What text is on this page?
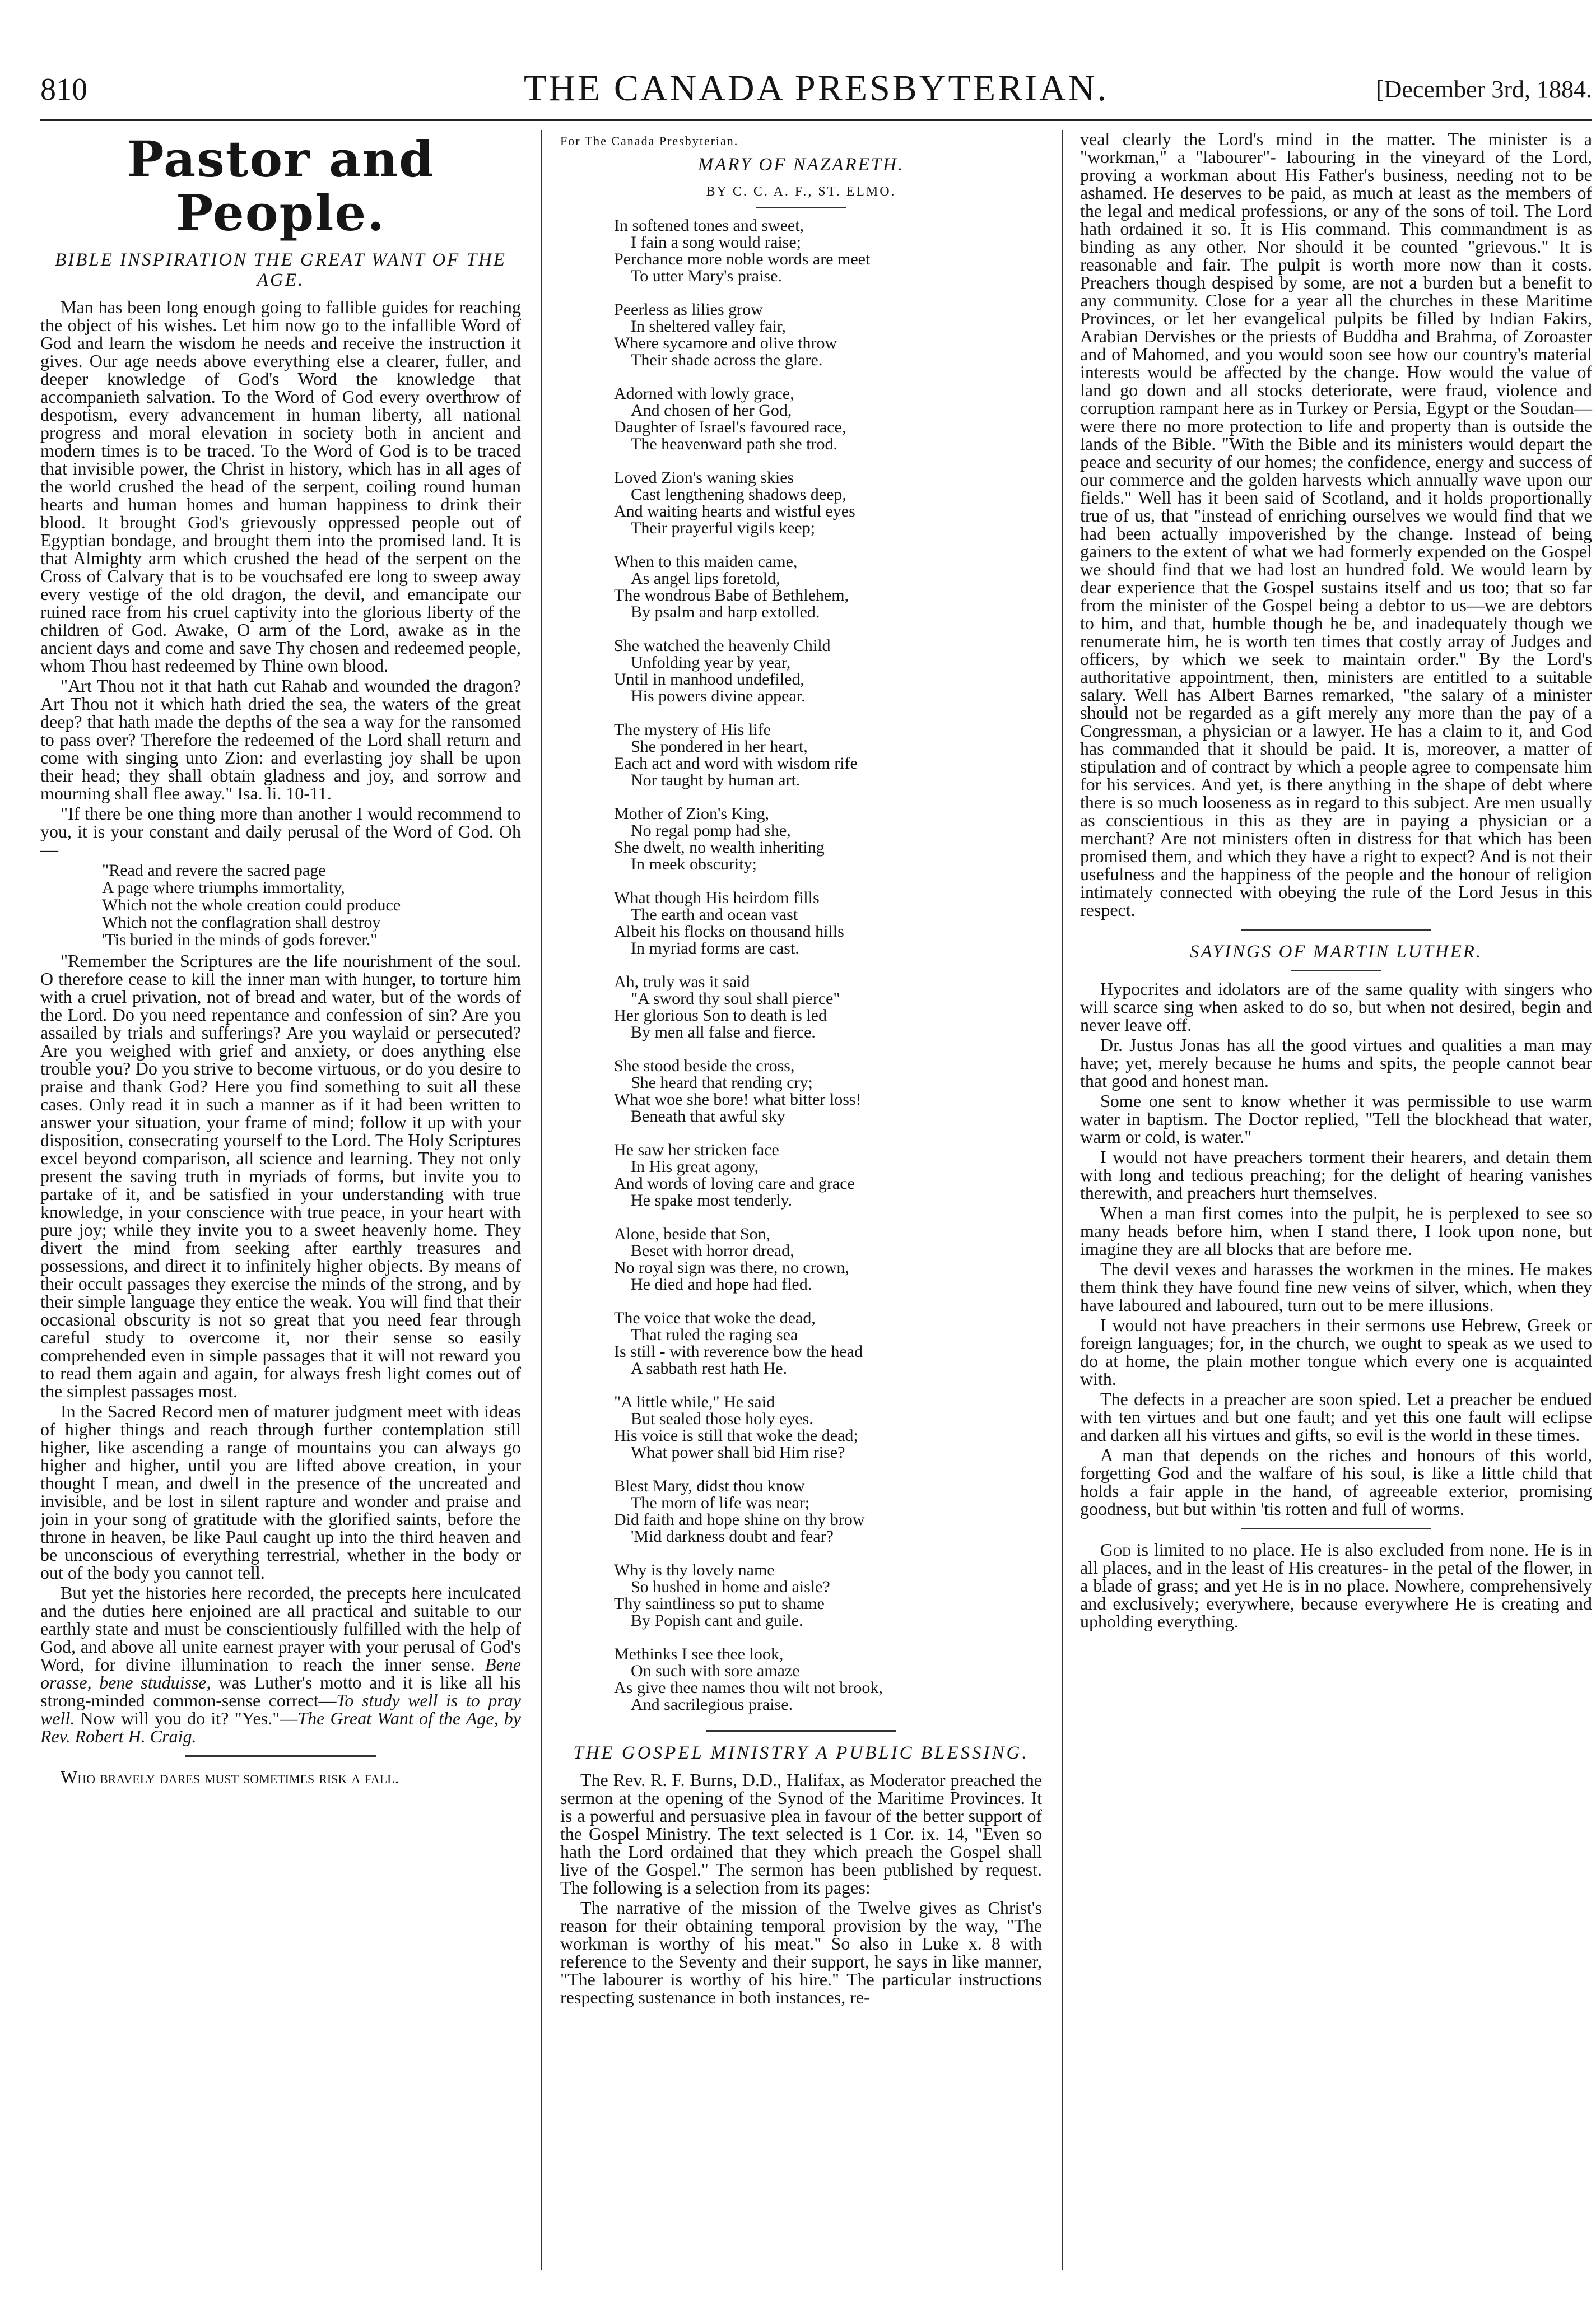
810	THE CANADA PRESBYTERIAN.	[December 3rd, 1884.
Pastor and People.
BIBLE INSPIRATION THE GREAT WANT OF THE AGE.

Man has been long enough going to fallible guides for reaching the object of his wishes. Let him now go to the infallible Word of God and learn the wisdom he needs and receive the instruction it gives. Our age needs above everything else a clearer, fuller, and deeper knowledge of God's Word the knowledge that accompanieth salvation. To the Word of God every overthrow of despotism, every advancement in human liberty, all national progress and moral elevation in society both in ancient and modern times is to be traced. To the Word of God is to be traced that invisible power, the Christ in history, which has in all ages of the world crushed the head of the serpent, coiling round human hearts and human homes and human happiness to drink their blood. It brought God's grievously oppressed people out of Egyptian bondage, and brought them into the promised land. It is that Almighty arm which crushed the head of the serpent on the Cross of Calvary that is to be vouchsafed ere long to sweep away every vestige of the old dragon, the devil, and emancipate our ruined race from his cruel captivity into the glorious liberty of the children of God. Awake, O arm of the Lord, awake as in the ancient days and come and save Thy chosen and redeemed people, whom Thou hast redeemed by Thine own blood.

"Art Thou not it that hath cut Rahab and wounded the dragon? Art Thou not it which hath dried the sea, the waters of the great deep? that hath made the depths of the sea a way for the ransomed to pass over? Therefore the redeemed of the Lord shall return and come with singing unto Zion: and everlasting joy shall be upon their head; they shall obtain gladness and joy, and sorrow and mourning shall flee away." Isa. li. 10-11.

"If there be one thing more than another I would recommend to you, it is your constant and daily perusal of the Word of God. Oh—

"Read and revere the sacred page
A page where triumphs immortality,
Which not the whole creation could produce
Which not the conflagration shall destroy
'Tis buried in the minds of gods forever."

"Remember the Scriptures are the life nourishment of the soul. O therefore cease to kill the inner man with hunger, to torture him with a cruel privation, not of bread and water, but of the words of the Lord. Do you need repentance and confession of sin? Are you assailed by trials and sufferings? Are you waylaid or persecuted? Are you weighed with grief and anxiety, or does anything else trouble you? Do you strive to become virtuous, or do you desire to praise and thank God? Here you find something to suit all these cases. Only read it in such a manner as if it had been written to answer your situation, your frame of mind; follow it up with your disposition, consecrating yourself to the Lord. The Holy Scriptures excel beyond comparison, all science and learning. They not only present the saving truth in myriads of forms, but invite you to partake of it, and be satisfied in your understanding with true knowledge, in your conscience with true peace, in your heart with pure joy; while they invite you to a sweet heavenly home. They divert the mind from seeking after earthly treasures and possessions, and direct it to infinitely higher objects. By means of their occult passages they exercise the minds of the strong, and by their simple language they entice the weak. You will find that their occasional obscurity is not so great that you need fear through careful study to overcome it, nor their sense so easily comprehended even in simple passages that it will not reward you to read them again and again, for always fresh light comes out of the simplest passages most.

In the Sacred Record men of maturer judgment meet with ideas of higher things and reach through further contemplation still higher, like ascending a range of mountains you can always go higher and higher, until you are lifted above creation, in your thought I mean, and dwell in the presence of the uncreated and invisible, and be lost in silent rapture and wonder and praise and join in your song of gratitude with the glorified saints, before the throne in heaven, be like Paul caught up into the third heaven and be unconscious of everything terrestrial, whether in the body or out of the body you cannot tell.

But yet the histories here recorded, the precepts here inculcated and the duties here enjoined are all practical and suitable to our earthly state and must be conscientiously fulfilled with the help of God, and above all unite earnest prayer with your perusal of God's Word, for divine illumination to reach the inner sense. Bene orasse, bene studuisse, was Luther's motto and it is like all his strong-minded common-sense correct—To study well is to pray well. Now will you do it? "Yes."—The Great Want of the Age, by Rev. Robert H. Craig.

Who bravely dares must sometimes risk a fall.

For The Canada Presbyterian.
MARY OF NAZARETH.
BY C. C. A. F., ST. ELMO.
In softened tones and sweet,
I fain a song would raise;
Perchance more noble words are meet
To utter Mary's praise.
Peerless as lilies grow
In sheltered valley fair,
Where sycamore and olive throw
Their shade across the glare.
Adorned with lowly grace,
And chosen of her God,
Daughter of Israel's favoured race,
The heavenward path she trod.
Loved Zion's waning skies
Cast lengthening shadows deep,
And waiting hearts and wistful eyes
Their prayerful vigils keep;
When to this maiden came,
As angel lips foretold,
The wondrous Babe of Bethlehem,
By psalm and harp extolled.
She watched the heavenly Child
Unfolding year by year,
Until in manhood undefiled,
His powers divine appear.
The mystery of His life
She pondered in her heart,
Each act and word with wisdom rife
Nor taught by human art.
Mother of Zion's King,
No regal pomp had she,
She dwelt, no wealth inheriting
In meek obscurity;
What though His heirdom fills
The earth and ocean vast
Albeit his flocks on thousand hills
In myriad forms are cast.
Ah, truly was it said
"A sword thy soul shall pierce"
Her glorious Son to death is led
By men all false and fierce.
She stood beside the cross,
She heard that rending cry;
What woe she bore! what bitter loss!
Beneath that awful sky
He saw her stricken face
In His great agony,
And words of loving care and grace
He spake most tenderly.
Alone, beside that Son,
Beset with horror dread,
No royal sign was there, no crown,
He died and hope had fled.
The voice that woke the dead,
That ruled the raging sea
Is still - with reverence bow the head
A sabbath rest hath He.
"A little while," He said
But sealed those holy eyes.
His voice is still that woke the dead;
What power shall bid Him rise?
Blest Mary, didst thou know
The morn of life was near;
Did faith and hope shine on thy brow
'Mid darkness doubt and fear?
Why is thy lovely name
So hushed in home and aisle?
Thy saintliness so put to shame
By Popish cant and guile.
Methinks I see thee look,
On such with sore amaze
As give thee names thou wilt not brook,
And sacrilegious praise.
THE GOSPEL MINISTRY A PUBLIC BLESSING.

The Rev. R. F. Burns, D.D., Halifax, as Moderator preached the sermon at the opening of the Synod of the Maritime Provinces. It is a powerful and persuasive plea in favour of the better support of the Gospel Ministry. The text selected is 1 Cor. ix. 14, "Even so hath the Lord ordained that they which preach the Gospel shall live of the Gospel." The sermon has been published by request. The following is a selection from its pages:

The narrative of the mission of the Twelve gives as Christ's reason for their obtaining temporal provision by the way, "The workman is worthy of his meat." So also in Luke x. 8 with reference to the Seventy and their support, he says in like manner, "The labourer is worthy of his hire." The particular instructions respecting sustenance in both instances, re-

veal clearly the Lord's mind in the matter. The minister is a "workman," a "labourer"- labouring in the vineyard of the Lord, proving a workman about His Father's business, needing not to be ashamed. He deserves to be paid, as much at least as the members of the legal and medical professions, or any of the sons of toil. The Lord hath ordained it so. It is His command. This commandment is as binding as any other. Nor should it be counted "grievous." It is reasonable and fair. The pulpit is worth more now than it costs. Preachers though despised by some, are not a burden but a benefit to any community. Close for a year all the churches in these Maritime Provinces, or let her evangelical pulpits be filled by Indian Fakirs, Arabian Dervishes or the priests of Buddha and Brahma, of Zoroaster and of Mahomed, and you would soon see how our country's material interests would be affected by the change. How would the value of land go down and all stocks deteriorate, were fraud, violence and corruption rampant here as in Turkey or Persia, Egypt or the Soudan—were there no more protection to life and property than is outside the lands of the Bible. "With the Bible and its ministers would depart the peace and security of our homes; the confidence, energy and success of our commerce and the golden harvests which annually wave upon our fields." Well has it been said of Scotland, and it holds proportionally true of us, that "instead of enriching ourselves we would find that we had been actually impoverished by the change. Instead of being gainers to the extent of what we had formerly expended on the Gospel we should find that we had lost an hundred fold. We would learn by dear experience that the Gospel sustains itself and us too; that so far from the minister of the Gospel being a debtor to us—we are debtors to him, and that, humble though he be, and inadequately though we renumerate him, he is worth ten times that costly array of Judges and officers, by which we seek to maintain order." By the Lord's authoritative appointment, then, ministers are entitled to a suitable salary. Well has Albert Barnes remarked, "the salary of a minister should not be regarded as a gift merely any more than the pay of a Congressman, a physician or a lawyer. He has a claim to it, and God has commanded that it should be paid. It is, moreover, a matter of stipulation and of contract by which a people agree to compensate him for his services. And yet, is there anything in the shape of debt where there is so much looseness as in regard to this subject. Are men usually as conscientious in this as they are in paying a physician or a merchant? Are not ministers often in distress for that which has been promised them, and which they have a right to expect? And is not their usefulness and the happiness of the people and the honour of religion intimately connected with obeying the rule of the Lord Jesus in this respect.

SAYINGS OF MARTIN LUTHER.

Hypocrites and idolators are of the same quality with singers who will scarce sing when asked to do so, but when not desired, begin and never leave off.

Dr. Justus Jonas has all the good virtues and qualities a man may have; yet, merely because he hums and spits, the people cannot bear that good and honest man.

Some one sent to know whether it was permissible to use warm water in baptism. The Doctor replied, "Tell the blockhead that water, warm or cold, is water."

I would not have preachers torment their hearers, and detain them with long and tedious preaching; for the delight of hearing vanishes therewith, and preachers hurt themselves.

When a man first comes into the pulpit, he is perplexed to see so many heads before him, when I stand there, I look upon none, but imagine they are all blocks that are before me.

The devil vexes and harasses the workmen in the mines. He makes them think they have found fine new veins of silver, which, when they have laboured and laboured, turn out to be mere illusions.

I would not have preachers in their sermons use Hebrew, Greek or foreign languages; for, in the church, we ought to speak as we used to do at home, the plain mother tongue which every one is acquainted with.

The defects in a preacher are soon spied. Let a preacher be endued with ten virtues and but one fault; and yet this one fault will eclipse and darken all his virtues and gifts, so evil is the world in these times.

A man that depends on the riches and honours of this world, forgetting God and the walfare of his soul, is like a little child that holds a fair apple in the hand, of agreeable exterior, promising goodness, but but within 'tis rotten and full of worms.

God is limited to no place. He is also excluded from none. He is in all places, and in the least of His creatures- in the petal of the flower, in a blade of grass; and yet He is in no place. Nowhere, comprehensively and exclusively; everywhere, because everywhere He is creating and upholding everything.
